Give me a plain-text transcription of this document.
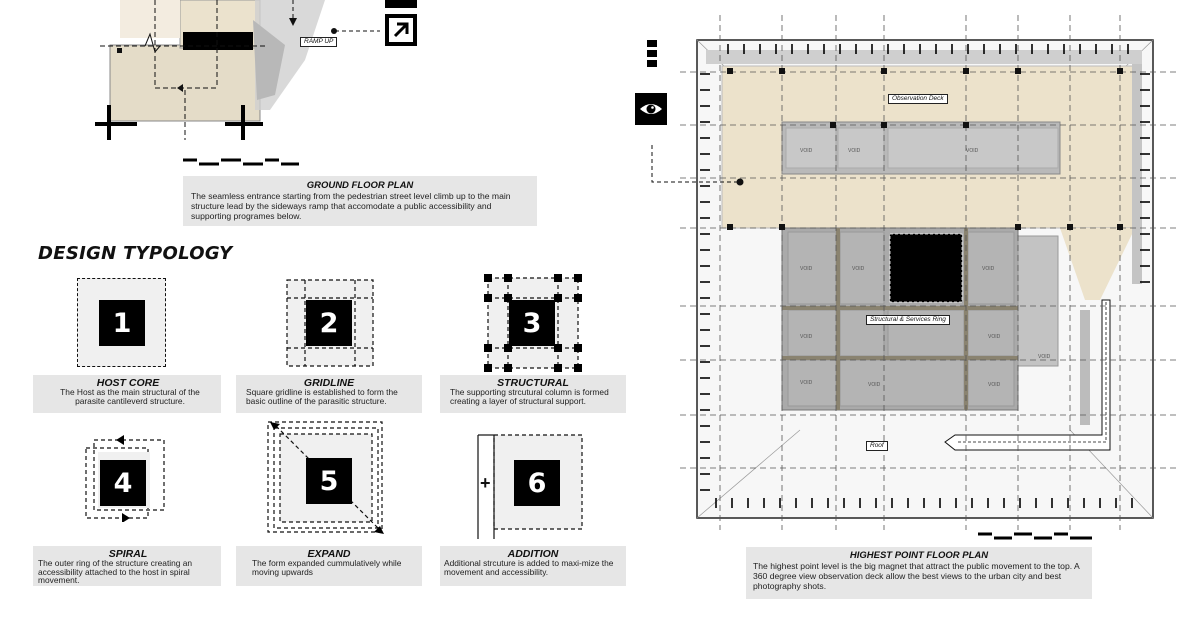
RAMP UP
GROUND FLOOR PLAN
The seamless entrance starting from the pedestrian street level climb up to the main structure lead by the sideways ramp that accomodate a public accessibility and supporting programes below.
DESIGN TYPOLOGY
1	2	3
4	5	+	6
HOST CORE
The Host as the main structural of the parasite cantileverd structure.
GRIDLINE
Square gridline is established to form the basic outline of the parasitic structure.
STRUCTURAL
The supporting strcutural column is formed creating a layer of structural support.
SPIRAL
The outer ring of the structure creating an accessibility attached to the host in spiral movement.
EXPAND
The form expanded cummulatively while moving upwards
ADDITION
Additional strcuture is added to maxi-mize the movement and accessibility.
Observation Deck
Structural & Services Ring
Roof
VOID	VOID	VOID
VOID	VOID	VOID
VOID	VOID
VOID
VOID	VOID	VOID
HIGHEST POINT FLOOR PLAN
The highest point level is the big magnet that attract the public movement to the top. A 360 degree view observation deck allow the best views to the urban city and best photography shots.
